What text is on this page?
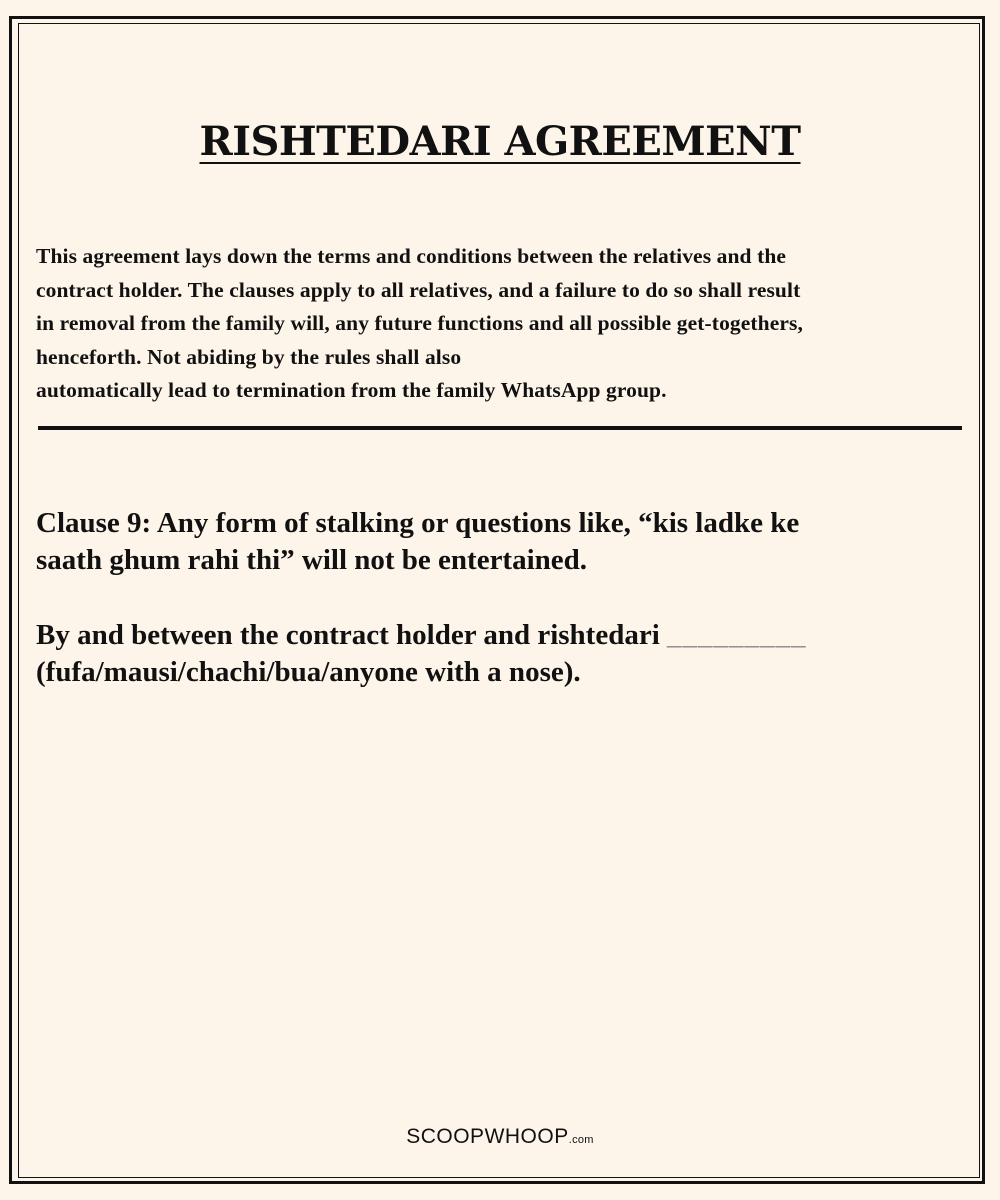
RISHTEDARI AGREEMENT

This agreement lays down the terms and conditions between the relatives and the
contract holder. The clauses apply to all relatives, and a failure to do so shall result
in removal from the family will, any future functions and all possible get-togethers,
henceforth. Not abiding by the rules shall also
automatically lead to termination from the family WhatsApp group.

Clause 9: Any form of stalking or questions like, “kis ladke ke
saath ghum rahi thi” will not be entertained.

By and between the contract holder and rishtedari _________
(fufa/mausi/chachi/bua/anyone with a nose).

SCOOPWHOOP.com
